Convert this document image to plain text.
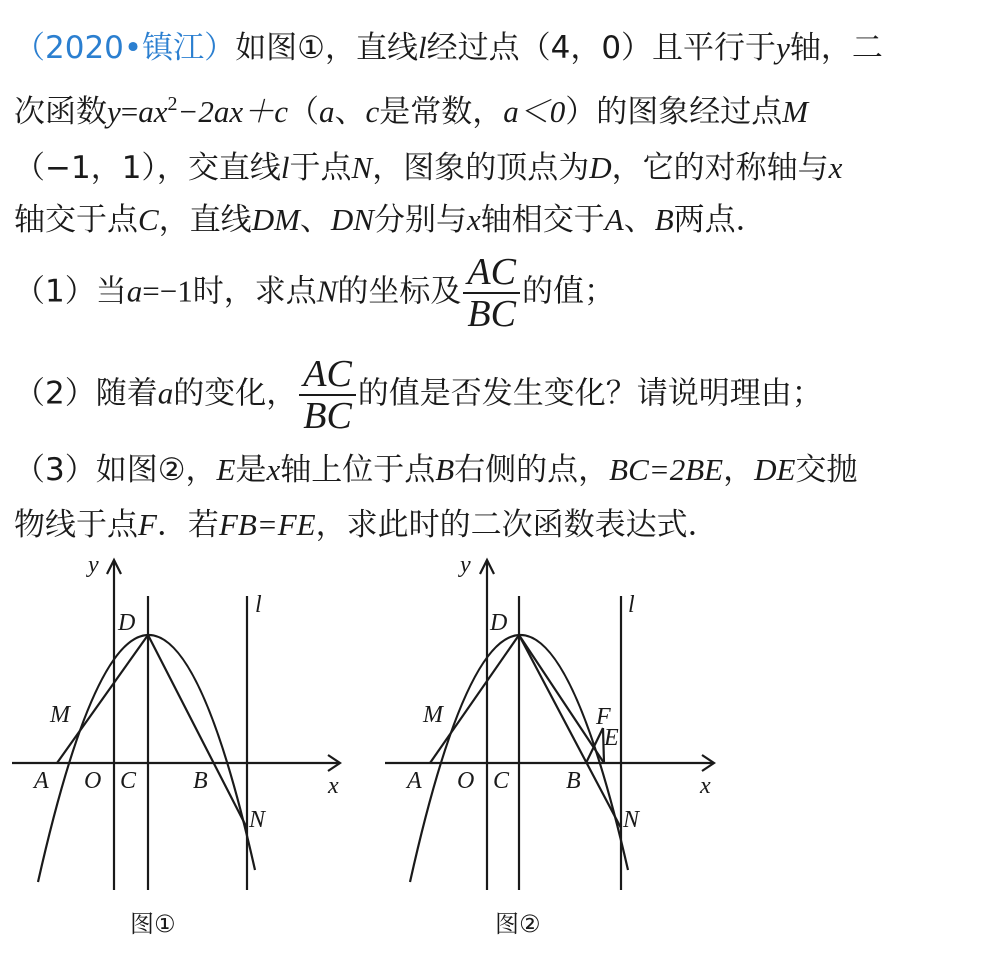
（2020•镇江）如图①，直线l经过点（4，0）且平行于y轴，二
次函数$y=ax^2-2ax+c(a$、c是常数，a＜0）的图象经过点M
（−1，1），交直线l于点N，图象的顶点为D，它的对称轴与x
轴交于点C，直线DM、DN分别与x轴相交于A、B两点．
（1）当a=−1时，求点N的坐标及 $\frac{AC}{BC}$ 的值；
（2）随着a的变化， $\frac{AC}{BC}$ 的值是否发生变化？请说明理由；
（3）如图②，E是x轴上位于点B右侧的点，BC=2BE，DE交抛
物线于点F．若FB=FE，求此时的二次函数表达式．
y
l
D
M
A O C B	x
N
图①
y
l
D
M	F
E
A O C B	x
N
图②
